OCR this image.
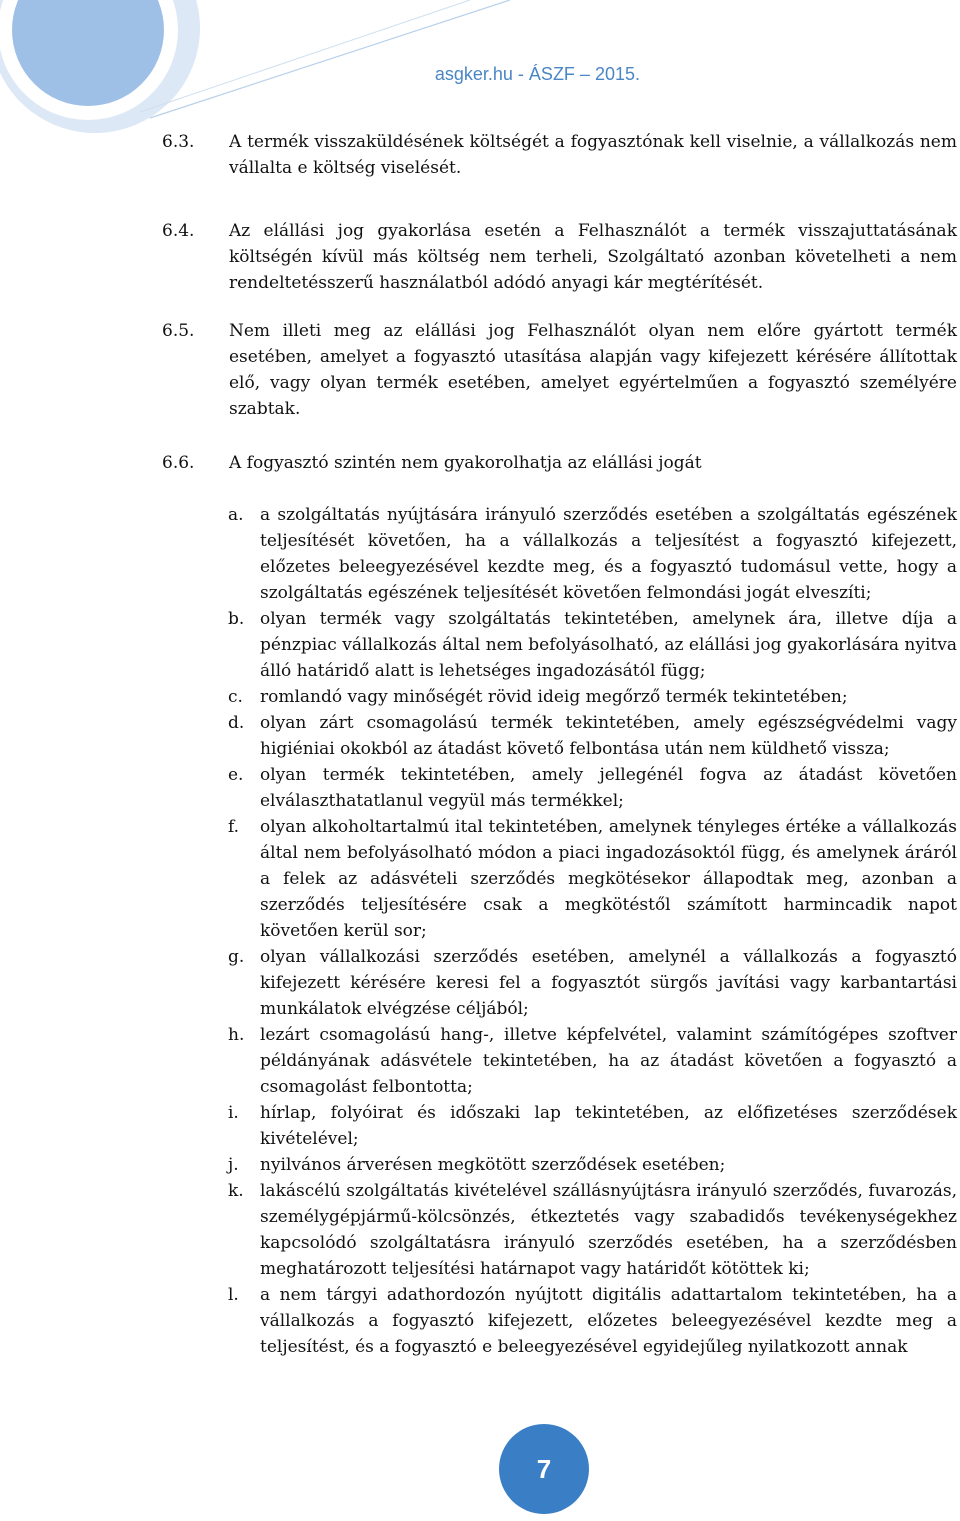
asgker.hu - ÁSZF – 2015.
6.3.	A termék visszaküldésének költségét a fogyasztónak kell viselnie, a vállalkozás nem vállalta e költség viselését.
6.4.	Az elállási jog gyakorlása esetén a Felhasználót a termék visszajuttatásának költségén kívül más költség nem terheli, Szolgáltató azonban követelheti a nem rendeltetésszerű használatból adódó anyagi kár megtérítését.
6.5.	Nem illeti meg az elállási jog Felhasználót olyan nem előre gyártott termék esetében, amelyet a fogyasztó utasítása alapján vagy kifejezett kérésére állítottak elő, vagy olyan termék esetében, amelyet egyértelműen a fogyasztó személyére szabtak.
6.6.	A fogyasztó szintén nem gyakorolhatja az elállási jogát
a. a szolgáltatás nyújtására irányuló szerződés esetében a szolgáltatás egészének teljesítését követően, ha a vállalkozás a teljesítést a fogyasztó kifejezett, előzetes beleegyezésével kezdte meg, és a fogyasztó tudomásul vette, hogy a szolgáltatás egészének teljesítését követően felmondási jogát elveszíti;
b. olyan termék vagy szolgáltatás tekintetében, amelynek ára, illetve díja a pénzpiac vállalkozás által nem befolyásolható, az elállási jog gyakorlására nyitva álló határidő alatt is lehetséges ingadozásától függ;
c. romlandó vagy minőségét rövid ideig megőrző termék tekintetében;
d. olyan zárt csomagolású termék tekintetében, amely egészségvédelmi vagy higiéniai okokból az átadást követő felbontása után nem küldhető vissza;
e. olyan termék tekintetében, amely jellegénél fogva az átadást követően elválaszthatatlanul vegyül más termékkel;
f. olyan alkoholtartalmú ital tekintetében, amelynek tényleges értéke a vállalkozás által nem befolyásolható módon a piaci ingadozásoktól függ, és amelynek áráról a felek az adásvételi szerződés megkötésekor állapodtak meg, azonban a szerződés teljesítésére csak a megkötéstől számított harmincadik napot követően kerül sor;
g. olyan vállalkozási szerződés esetében, amelynél a vállalkozás a fogyasztó kifejezett kérésére keresi fel a fogyasztót sürgős javítási vagy karbantartási munkálatok elvégzése céljából;
h. lezárt csomagolású hang-, illetve képfelvétel, valamint számítógépes szoftver példányának adásvétele tekintetében, ha az átadást követően a fogyasztó a csomagolást felbontotta;
i. hírlap, folyóirat és időszaki lap tekintetében, az előfizetéses szerződések kivételével;
j. nyilvános árverésen megkötött szerződések esetében;
k. lakáscélú szolgáltatás kivételével szállásnyújtásra irányuló szerződés, fuvarozás, személygépjármű-kölcsönzés, étkeztetés vagy szabadidős tevékenységekhez kapcsolódó szolgáltatásra irányuló szerződés esetében, ha a szerződésben meghatározott teljesítési határnapot vagy határidőt kötöttek ki;
l. a nem tárgyi adathordozón nyújtott digitális adattartalom tekintetében, ha a vállalkozás a fogyasztó kifejezett, előzetes beleegyezésével kezdte meg a teljesítést, és a fogyasztó e beleegyezésével egyidejűleg nyilatkozott annak
7
